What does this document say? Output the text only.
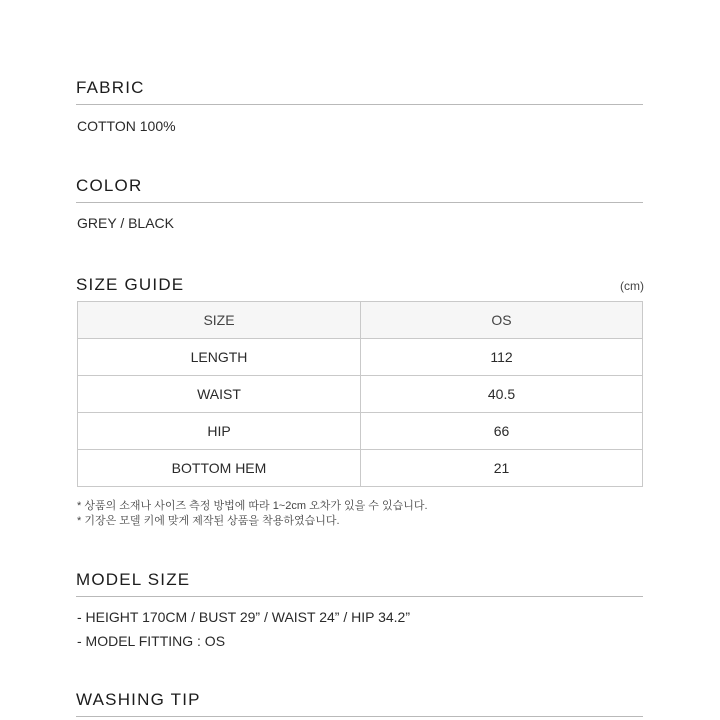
FABRIC
COTTON 100%
COLOR
GREY / BLACK
SIZE GUIDE	(cm)
SIZE	OS
LENGTH	112
WAIST	40.5
HIP	66
BOTTOM HEM	21
* 상품의 소재나 사이즈 측정 방법에 따라 1~2cm 오차가 있을 수 있습니다.
* 기장은 모델 키에 맞게 제작된 상품을 착용하였습니다.
MODEL SIZE
- HEIGHT 170CM / BUST 29” / WAIST 24” / HIP 34.2”
- MODEL FITTING : OS
WASHING TIP
